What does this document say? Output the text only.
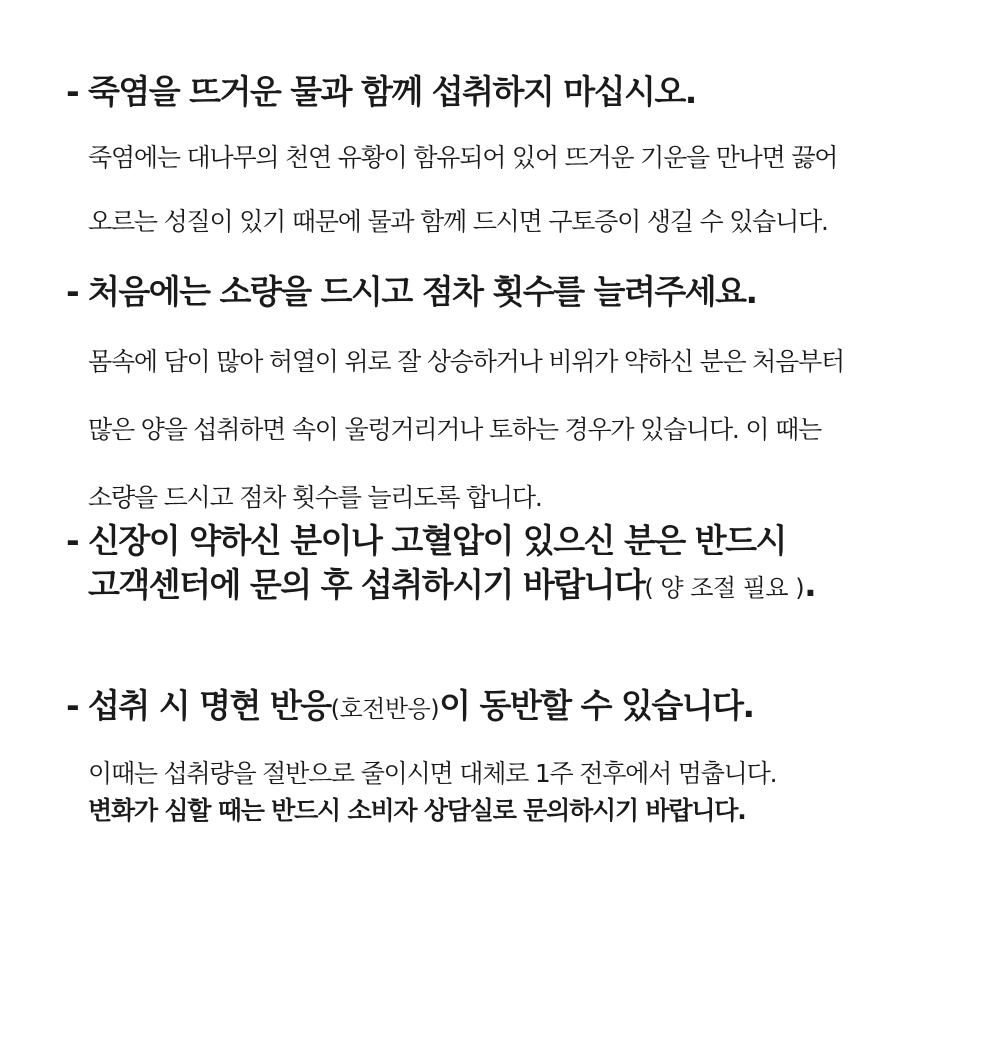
- 죽염을 뜨거운 물과 함께 섭취하지 마십시오.

죽염에는 대나무의 천연 유황이 함유되어 있어 뜨거운 기운을 만나면 끓어

오르는 성질이 있기 때문에 물과 함께 드시면 구토증이 생길 수 있습니다.

- 처음에는 소량을 드시고 점차 횟수를 늘려주세요.

몸속에 담이 많아 허열이 위로 잘 상승하거나 비위가 약하신 분은 처음부터

많은 양을 섭취하면 속이 울렁거리거나 토하는 경우가 있습니다. 이 때는

소량을 드시고 점차 횟수를 늘리도록 합니다.

- 신장이 약하신 분이나 고혈압이 있으신 분은 반드시

고객센터에 문의 후 섭취하시기 바랍니다( 양 조절 필요 ).

- 섭취 시 명현 반응(호전반응)이 동반할 수 있습니다.

이때는 섭취량을 절반으로 줄이시면 대체로 1주 전후에서 멈춥니다.

변화가 심할 때는 반드시 소비자 상담실로 문의하시기 바랍니다.
